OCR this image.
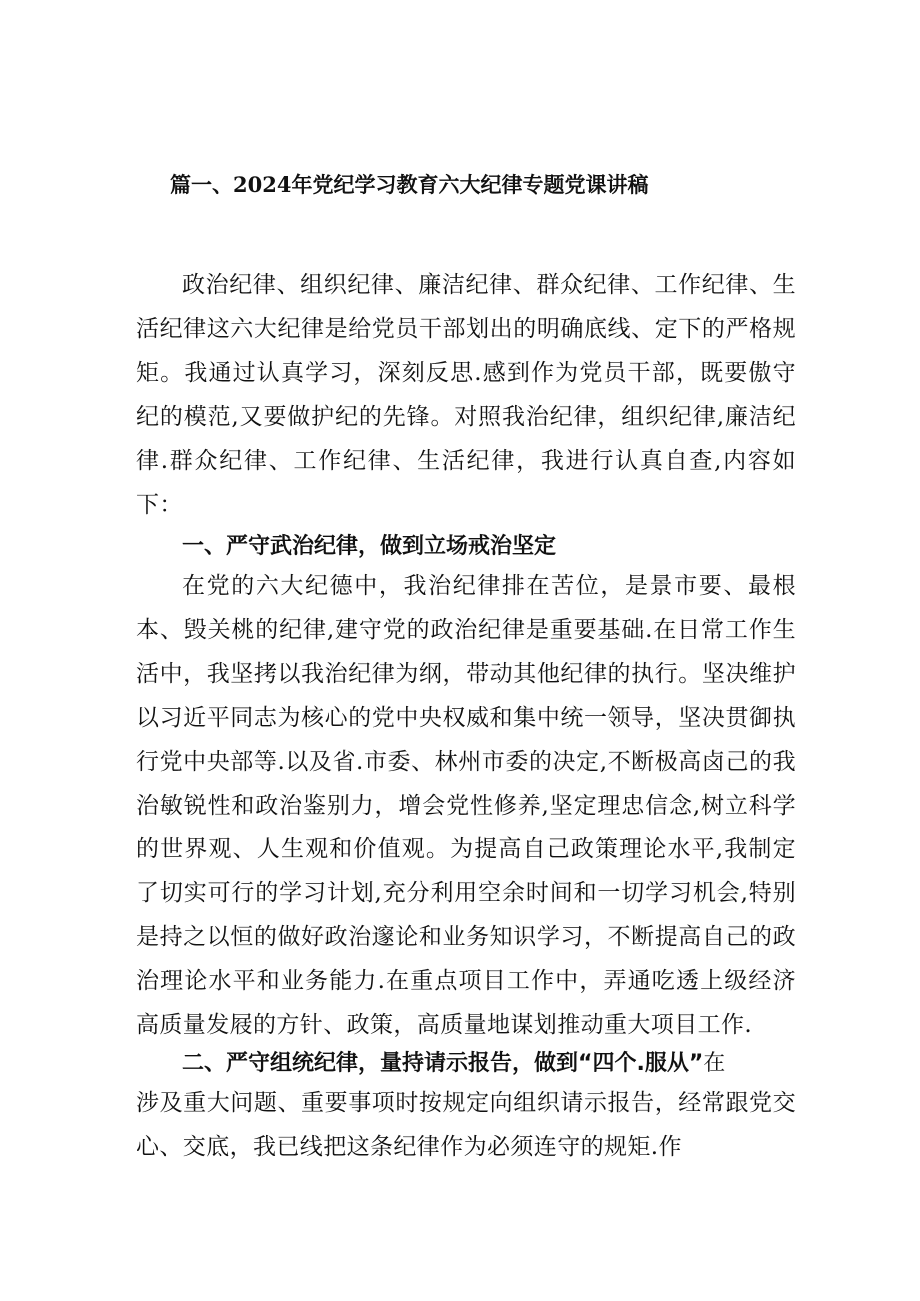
篇一、2024年党纪学习教育六大纪律专题党课讲稿

政治纪律、组织纪律、廉洁纪律、群众纪律、工作纪律、生活纪律这六大纪律是给党员干部划出的明确底线、定下的严格规矩。我通过认真学习，深刻反思.感到作为党员干部，既要傲守纪的模范,又要做护纪的先锋。对照我治纪律，组织纪律,廉洁纪律.群众纪律、工作纪律、生活纪律，我进行认真自查,内容如下：

一、严守武治纪律，做到立场戒治坚定

在党的六大纪德中，我治纪律排在苦位，是景市要、最根本、毁关桃的纪律,建守党的政治纪律是重要基础.在日常工作生活中，我坚拷以我治纪律为纲，带动其他纪律的执行。坚决维护以习近平同志为核心的党中央权威和集中统一领导，坚决贯御执行党中央部等.以及省.市委、林州市委的决定,不断极高卤己的我治敏锐性和政治鉴别力，增会党性修养,坚定理忠信念,树立科学的世界观、人生观和价值观。为提高自己政策理论水平,我制定了切实可行的学习计划,充分利用空余时间和一切学习机会,特别是持之以恒的做好政治邃论和业务知识学习，不断提高自己的政治理论水平和业务能力.在重点项目工作中，弄通吃透上级经济高质量发屐的方针、政策，高质量地谋划推动重大项目工作.

二、严守组统纪律，量持请示报告，做到“四个.服从”在

涉及重大问题、重要事项时按规定向组织请示报告，经常跟党交心、交底，我已线把这条纪律作为必须连守的规矩.作
